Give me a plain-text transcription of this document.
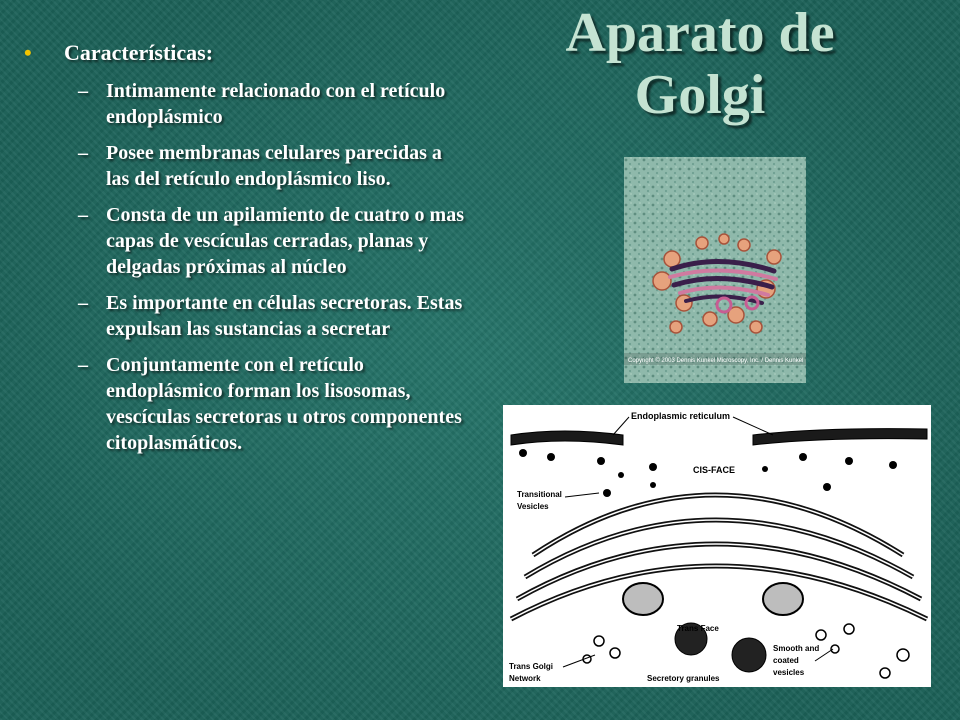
Aparato de Golgi
•	Características:
– Intimamente relacionado con el retículo endoplásmico
– Posee membranas celulares parecidas a las del retículo endoplásmico liso.
– Consta de un apilamiento de cuatro o mas capas de vescículas cerradas, planas y delgadas próximas al núcleo
– Es importante en células secretoras. Estas expulsan las sustancias a secretar
– Conjuntamente con el retículo endoplásmico forman los lisosomas, vescículas secretoras u otros componentes citoplasmáticos.
Copyright © 2003 Dennis Kunkel Microscopy, Inc. / Dennis Kunkel
Endoplasmic reticulum
CIS-FACE
Transitional
Vesicles
Trans Face
Trans Golgi
Network	Secretory granules
Smooth and
coated
vesicles
